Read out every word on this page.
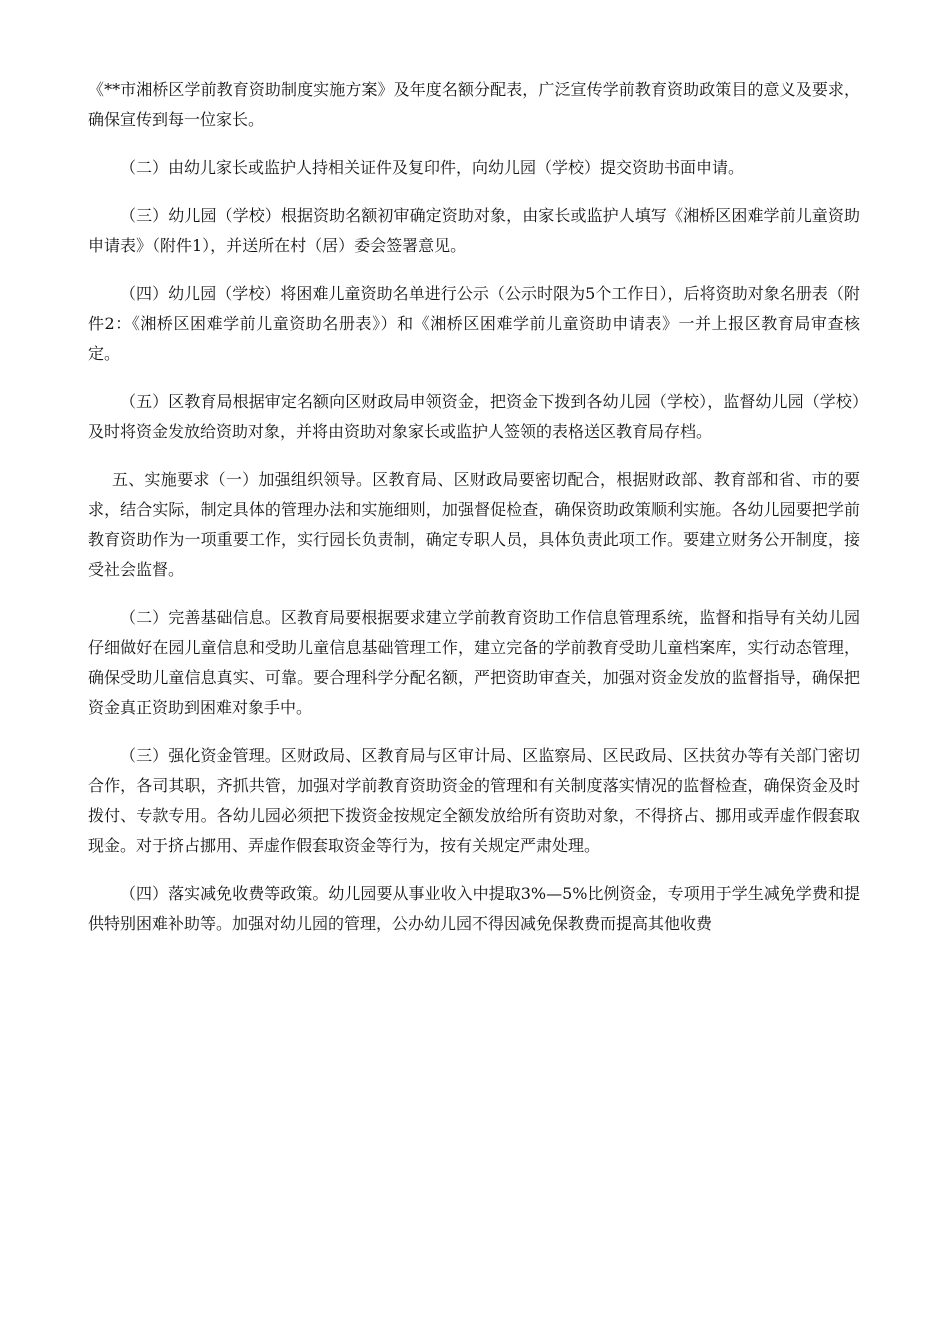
《**市湘桥区学前教育资助制度实施方案》及年度名额分配表，广泛宣传学前教育资助政策目的意义及要求，确保宣传到每一位家长。

（二）由幼儿家长或监护人持相关证件及复印件，向幼儿园（学校）提交资助书面申请。

（三）幼儿园（学校）根据资助名额初审确定资助对象，由家长或监护人填写《湘桥区困难学前儿童资助申请表》（附件1），并送所在村（居）委会签署意见。

（四）幼儿园（学校）将困难儿童资助名单进行公示（公示时限为5个工作日），后将资助对象名册表（附件2：《湘桥区困难学前儿童资助名册表》）和《湘桥区困难学前儿童资助申请表》一并上报区教育局审查核定。

（五）区教育局根据审定名额向区财政局申领资金，把资金下拨到各幼儿园（学校），监督幼儿园（学校）及时将资金发放给资助对象，并将由资助对象家长或监护人签领的表格送区教育局存档。

五、实施要求（一）加强组织领导。区教育局、区财政局要密切配合，根据财政部、教育部和省、市的要求，结合实际，制定具体的管理办法和实施细则，加强督促检查，确保资助政策顺利实施。各幼儿园要把学前教育资助作为一项重要工作，实行园长负责制，确定专职人员，具体负责此项工作。要建立财务公开制度，接受社会监督。

（二）完善基础信息。区教育局要根据要求建立学前教育资助工作信息管理系统，监督和指导有关幼儿园仔细做好在园儿童信息和受助儿童信息基础管理工作，建立完备的学前教育受助儿童档案库，实行动态管理，确保受助儿童信息真实、可靠。要合理科学分配名额，严把资助审查关，加强对资金发放的监督指导，确保把资金真正资助到困难对象手中。

（三）强化资金管理。区财政局、区教育局与区审计局、区监察局、区民政局、区扶贫办等有关部门密切合作，各司其职，齐抓共管，加强对学前教育资助资金的管理和有关制度落实情况的监督检查，确保资金及时拨付、专款专用。各幼儿园必须把下拨资金按规定全额发放给所有资助对象，不得挤占、挪用或弄虚作假套取现金。对于挤占挪用、弄虚作假套取资金等行为，按有关规定严肃处理。

（四）落实减免收费等政策。幼儿园要从事业收入中提取3%—5%比例资金，专项用于学生减免学费和提供特别困难补助等。加强对幼儿园的管理，公办幼儿园不得因减免保教费而提高其他收费
